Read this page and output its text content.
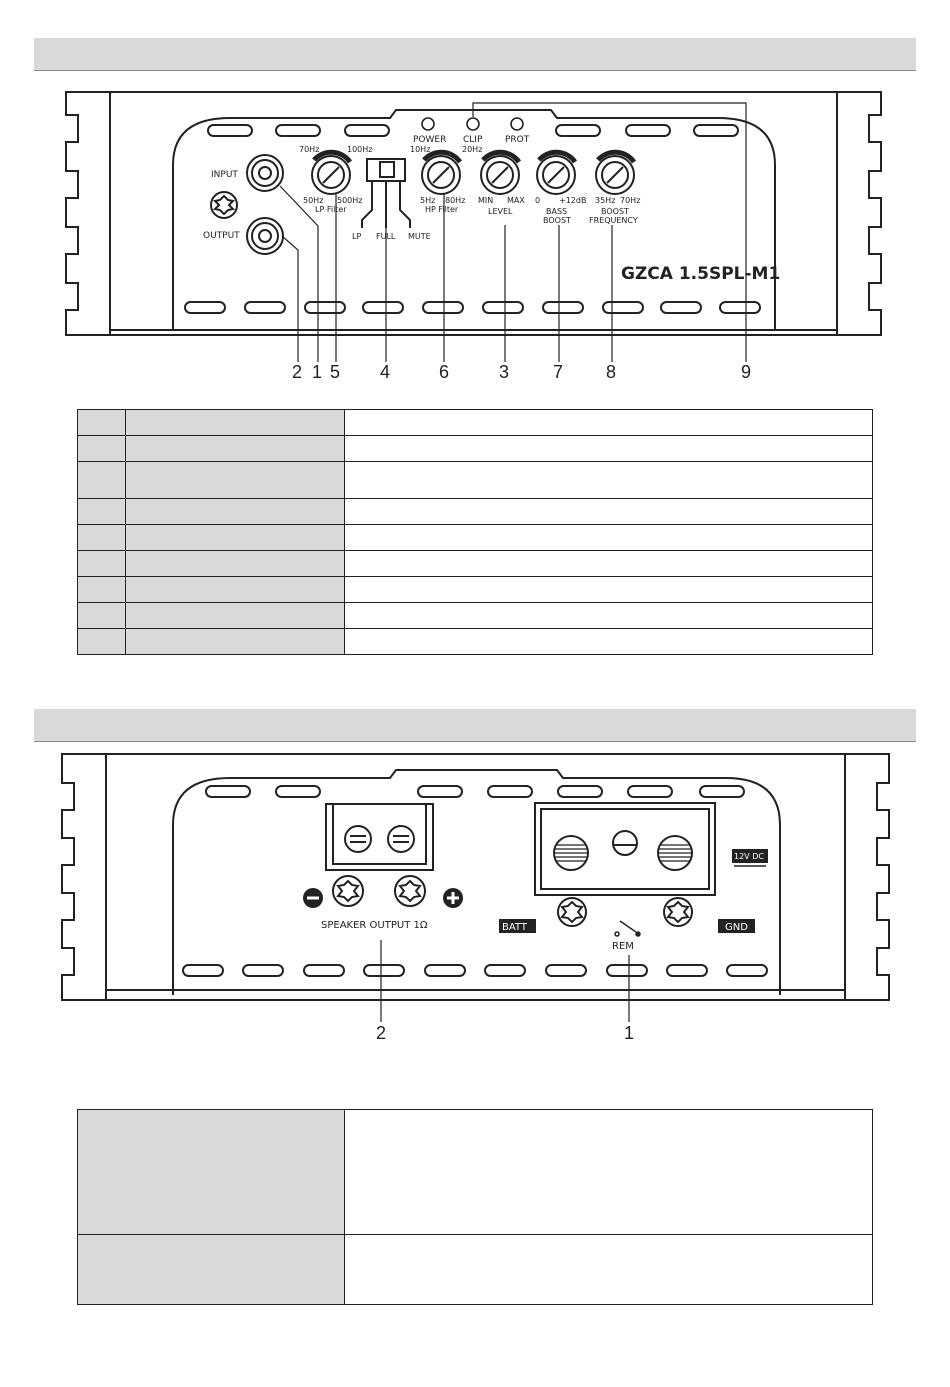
INPUT
OUTPUT
POWER CLIP	PROT
70Hz	100Hz
50Hz 500Hz
LP Filter
10Hz	20Hz
5Hz 80Hz
HP Filter
MIN MAX
LEVEL
0 +12dB
BASS
BOOST
35Hz 70Hz
BOOST
FREQUENCY
LP FULL MUTE
GZCA 1.5SPL-M1
2 1 5 4	6	3 7 8	9

SPEAKER OUTPUT 1Ω
REM
BATT	GND
12V DC
2	1
